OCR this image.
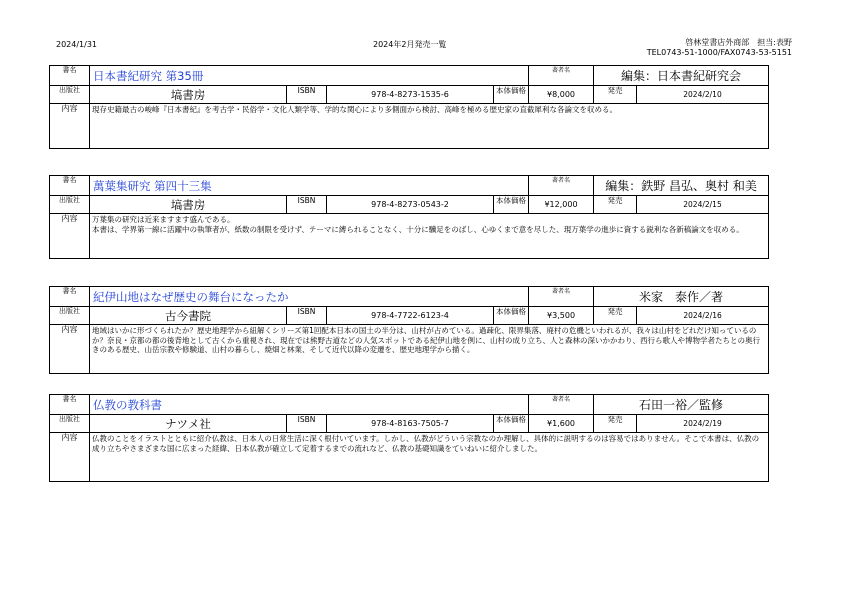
2024/1/31	2024年2月発売一覧	啓林堂書店外商部　担当:表野
TEL0743-51-1000/FAX0743-53-5151
書名	日本書紀研究 第35冊				著者名	編集：日本書紀研究会	
出版社	塙書房	ISBN	978-4-8273-1535-6	本体価格	¥8,000	発売	2024/2/10
内容	現存史籍最古の峻峰『日本書紀』を考古学・民俗学・文化人類学等、学的な関心により多側面から検討、高峰を極める歴史家の直截犀利な各論文を収める。						
書名	萬葉集研究 第四十三集				著者名	編集：鉄野 昌弘、奥村 和美	
出版社	塙書房	ISBN	978-4-8273-0543-2	本体価格	¥12,000	発売	2024/2/15
内容	万葉集の研究は近来ますます盛んである。
本書は、学界第一線に活躍中の執筆者が、紙数の制限を受けず、テーマに縛られることなく、十分に驥足をのばし、心ゆくまで意を尽した、現万葉学の進歩に資する鋭利な各新稿論文を収める。						
書名	紀伊山地はなぜ歴史の舞台になったか				著者名	米家　泰作／著	
出版社	古今書院	ISBN	978-4-7722-6123-4	本体価格	¥3,500	発売	2024/2/16
内容	地域はいかに形づくられたか？歴史地理学から紐解くシリーズ第1回配本日本の国土の半分は、山村が占めている。過疎化、限界集落、廃村の危機といわれるが、我々は山村をどれだけ知っているのか？奈良・京都の都の後背地として古くから重視され、現在では熊野古道などの人気スポットである紀伊山地を例に、山村の成り立ち、人と森林の深いかかわり、西行ら歌人や博物学者たちとの奥行きのある歴史、山岳宗教や修験道、山村の暮らし、焼畑と林業、そして近代以降の変遷を、歴史地理学から描く。						
書名	仏教の教科書				著者名	石田一裕／監修	
出版社	ナツメ社	ISBN	978-4-8163-7505-7	本体価格	¥1,600	発売	2024/2/19
内容	仏教のことをイラストとともに紹介仏教は、日本人の日常生活に深く根付いています。しかし、仏教がどういう宗教なのか理解し、具体的に説明するのは容易ではありません。そこで本書は、仏教の成り立ちやさまざまな国に広まった経緯、日本仏教が確立して定着するまでの流れなど、仏教の基礎知識をていねいに紹介しました。						
